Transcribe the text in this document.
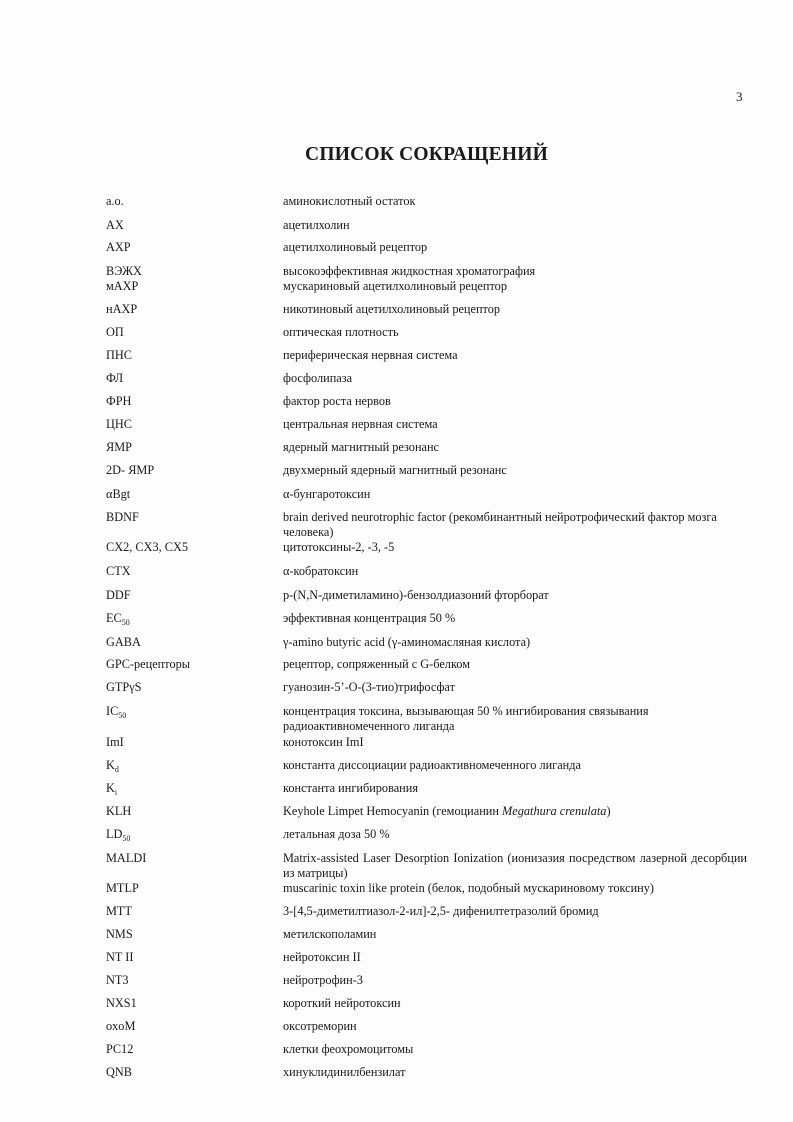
3
СПИСОК СОКРАЩЕНИЙ
а.о.	аминокислотный остаток
АХ	ацетилхолин
АХР	ацетилхолиновый рецептор
ВЭЖХ	высокоэффективная жидкостная хроматография
мАХР	мускариновый ацетилхолиновый рецептор
нАХР	никотиновый ацетилхолиновый рецептор
ОП	оптическая плотность
ПНС	периферическая нервная система
ФЛ	фосфолипаза
ФРН	фактор роста нервов
ЦНС	центральная нервная система
ЯМР	ядерный магнитный резонанс
2D- ЯМР	двухмерный ядерный магнитный резонанс
αBgt	α-бунгаротоксин
BDNF	brain derived neurotrophic factor (рекомбинантный нейротрофический фактор мозга человека)
CX2, CX3, CX5	цитотоксины-2, -3, -5
CTX	α-кобратоксин
DDF	p-(N,N-диметиламино)-бензолдиазоний фторборат
$EC_{50}$	эффективная концентрация 50 %
GABA	γ-amino butyric acid (γ-аминомасляная кислота)
GPC-рецепторы	рецептор, сопряженный с G-белком
GTPγS	гуанозин-5’-O-(3-тио)трифосфат
$IC_{50}$	концентрация токсина, вызывающая 50 % ингибирования связывания радиоактивномеченного лиганда
ImI	конотоксин ImI
$K_d$	константа диссоциации радиоактивномеченного лиганда
$K_i$	константа ингибирования
KLH	Keyhole Limpet Hemocyanin (гемоцианин Megathura crenulata)
$LD_{50}$	летальная доза 50 %
MALDI	Matrix-assisted Laser Desorption Ionization (ионизазия посредством лазерной десорбции из матрицы)
MTLP	muscarinic toxin like protein (белок, подобный мускариновому токсину)
MTT	3-[4,5-диметилтиазол-2-ил]-2,5- дифенилтетразолий бромид
NMS	метилскополамин
NT II	нейротоксин II
NT3	нейротрофин-3
NXS1	короткий нейротоксин
oxoM	оксотреморин
PC12	клетки феохромоцитомы
QNB	хинуклидинилбензилат
